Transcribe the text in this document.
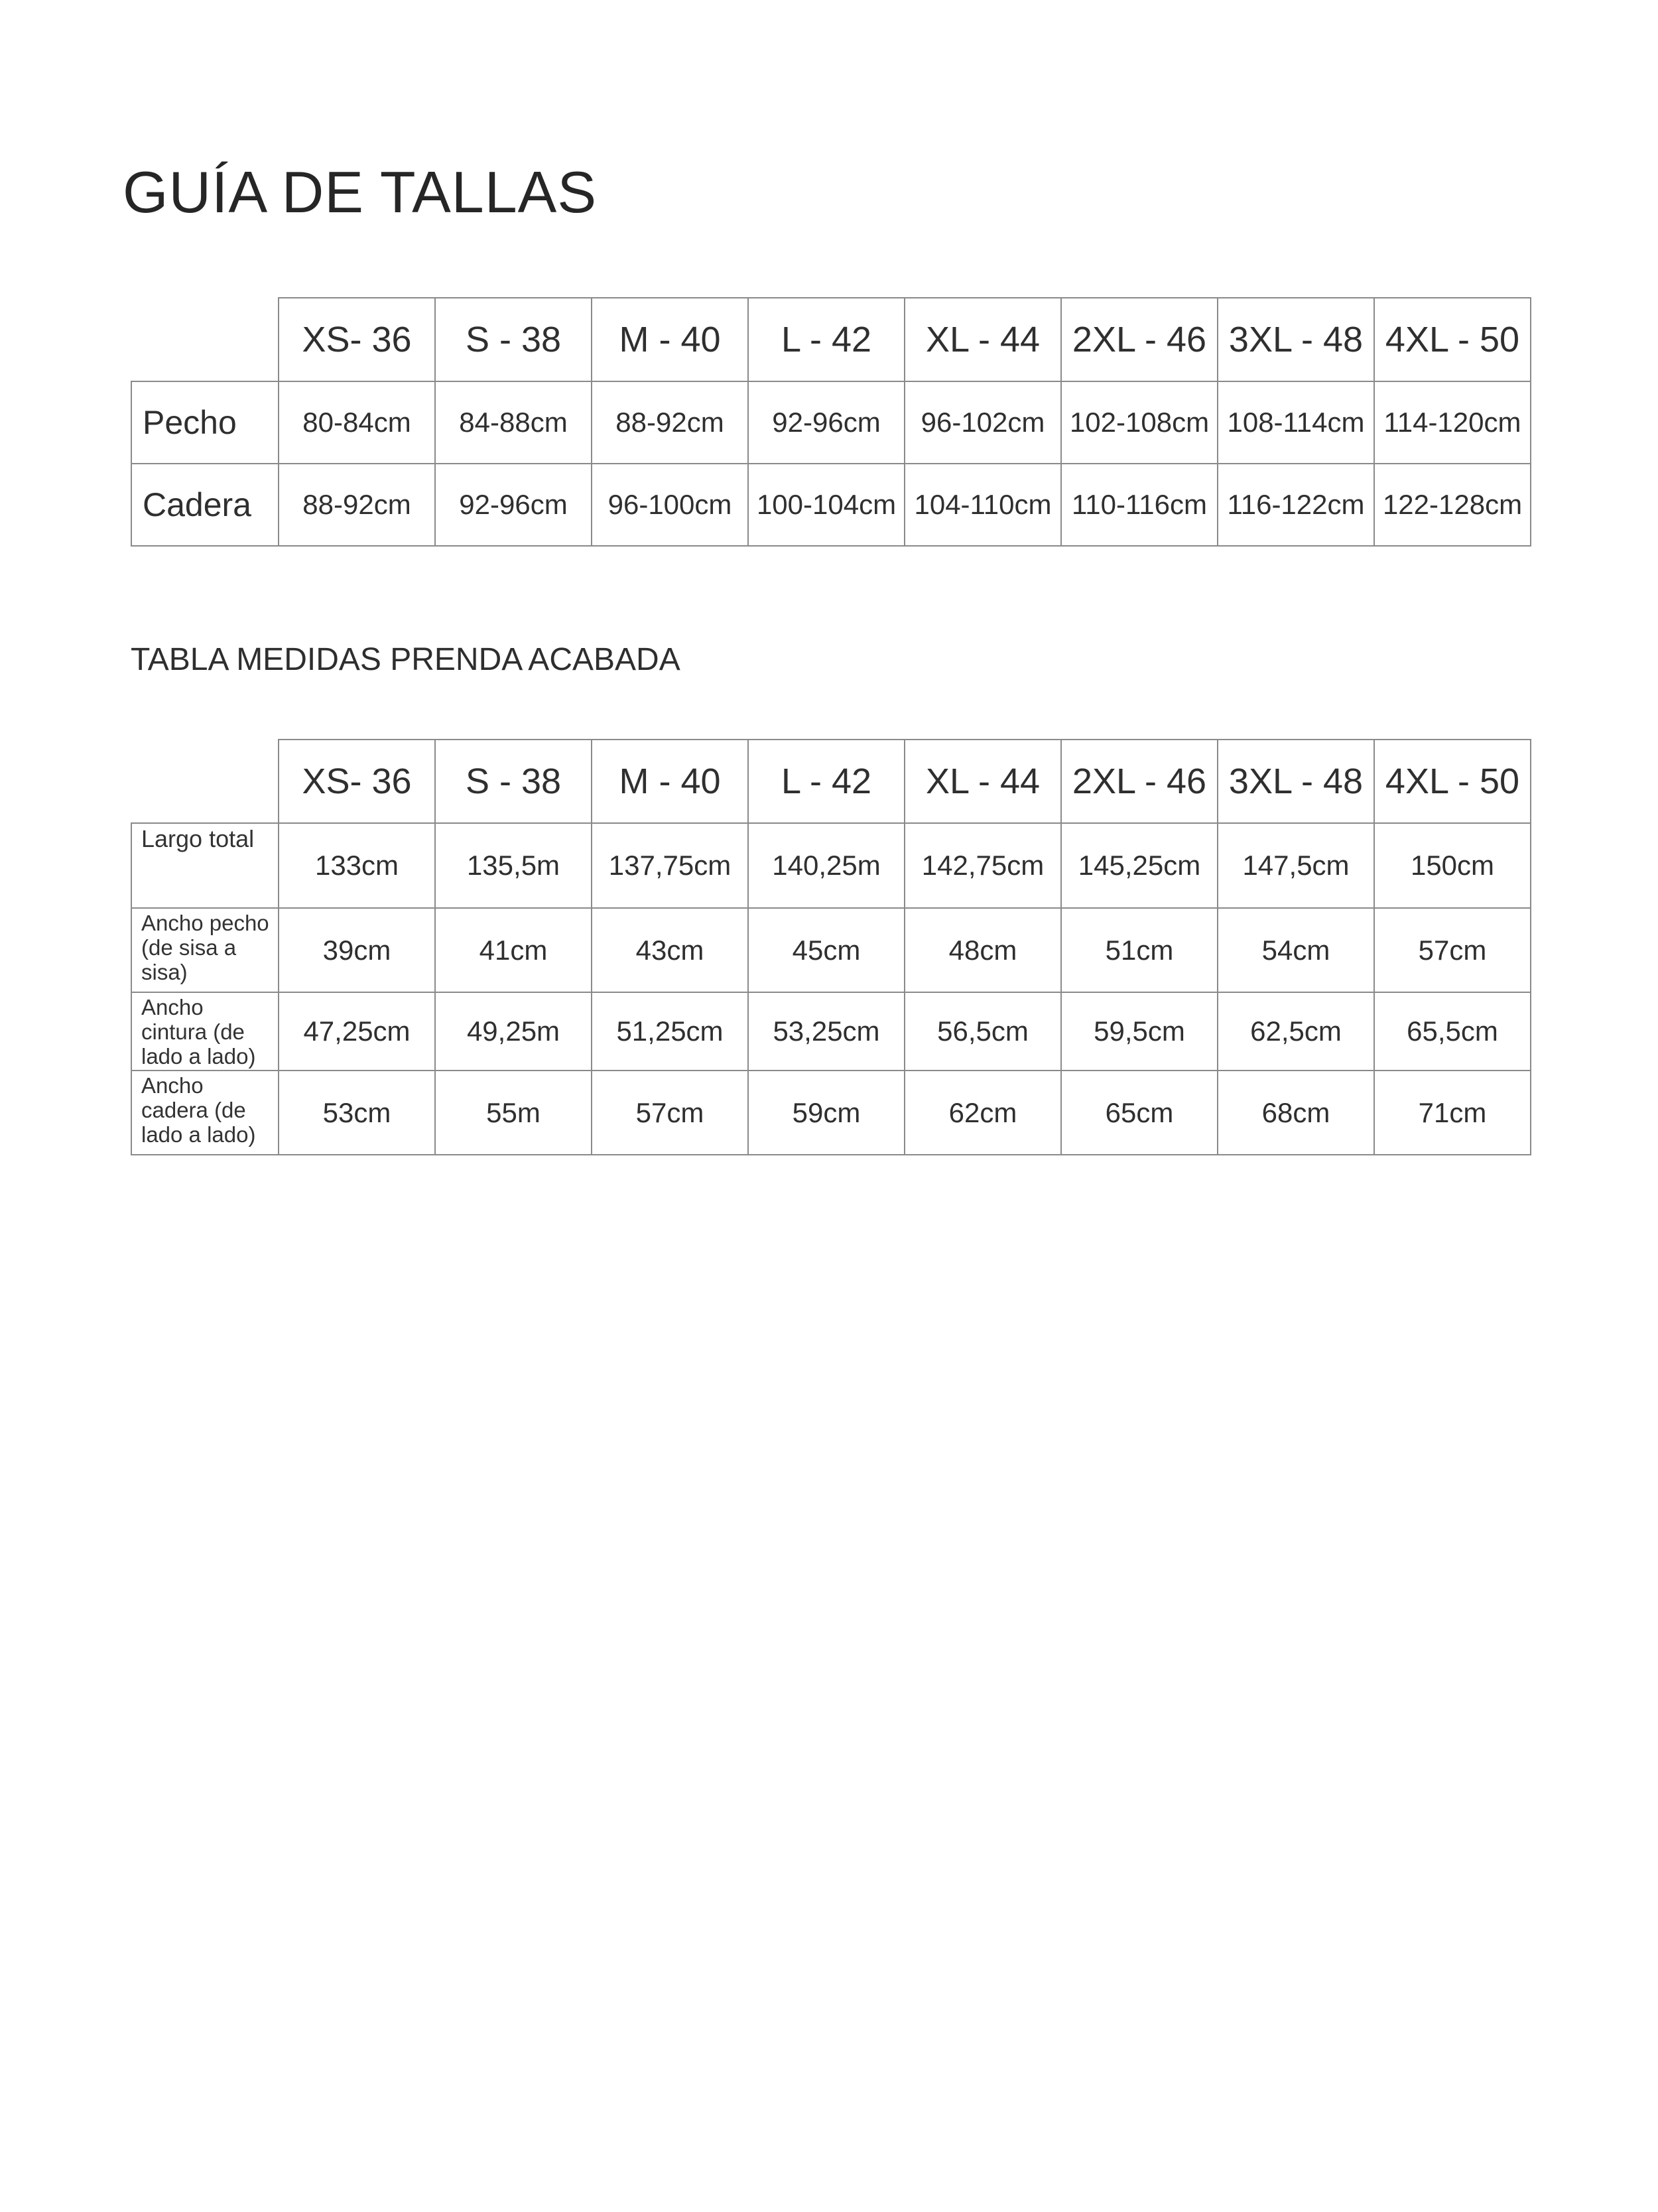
GUÍA DE TALLAS
	XS- 36	S - 38	M - 40	L - 42	XL - 44	2XL - 46	3XL - 48	4XL - 50
Pecho	80-84cm	84-88cm	88-92cm	92-96cm	96-102cm	102-108cm	108-114cm	114-120cm
Cadera	88-92cm	92-96cm	96-100cm	100-104cm	104-110cm	110-116cm	116-122cm	122-128cm
TABLA MEDIDAS PRENDA ACABADA
	XS- 36	S - 38	M - 40	L - 42	XL - 44	2XL - 46	3XL - 48	4XL - 50
Largo total	133cm	135,5m	137,75cm	140,25m	142,75cm	145,25cm	147,5cm	150cm
Ancho pecho (de sisa a sisa)	39cm	41cm	43cm	45cm	48cm	51cm	54cm	57cm
Ancho cintura (de lado a lado)	47,25cm	49,25m	51,25cm	53,25cm	56,5cm	59,5cm	62,5cm	65,5cm
Ancho cadera (de lado a lado)	53cm	55m	57cm	59cm	62cm	65cm	68cm	71cm
